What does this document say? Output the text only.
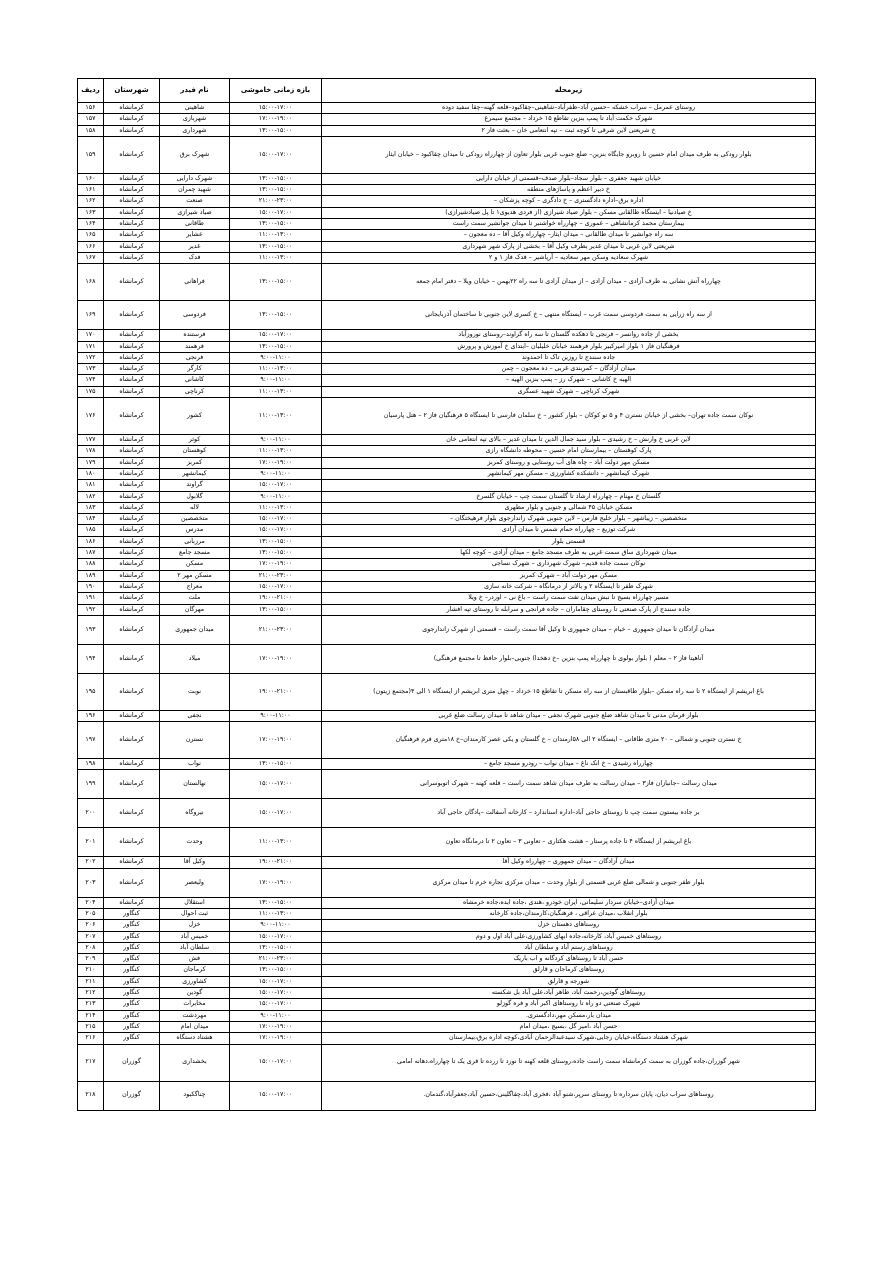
زیرمحله	بازه زمانی خاموشی	نام فیدر	شهرستان	ردیف
روستای عمرمل – سراب خشکه –حسین آباد–ظفرآباد–شاهینی–چقاکبود–قلعه گهنه–چقا سفید دوده	۱۵:۰۰-۱۷:۰۰	شاهینی	کرمانشاه	۱۵۶
شهرک حکمت آباد تا پمپ بنزین تقاطع ۱۵ خرداد – مجتمع سیمرغ	۱۷:۰۰-۱۹:۰۰	شهربازی	کرمانشاه	۱۵۷
خ شریعتی لاین شرقی تا کوچه ثبت – تپه انتعامی خان – بعثت فاز ۲	۱۳:۰۰-۱۵:۰۰	شهرداری	کرمانشاه	۱۵۸
بلوار رودکی به طرف میدان امام حسین تا روبرو جایگاه بنزین– ضلع جنوب غربی بلوار تعاون از چهارراه رودکی تا میدان چقاکبود – خیابان ایثار	۱۵:۰۰-۱۷:۰۰	شهرک برق	کرمانشاه	۱۵۹
خیابان شهید جعفری – بلوار سجاد–بلوار صدف–قسمتی از خیابان دارایی	۱۳:۰۰-۱۵:۰۰	شهرک دارایی	کرمانشاه	۱۶۰
خ دبیر اعظم و پاساژهای منطقه	۱۳:۰۰-۱۵:۰۰	شهید چمران	کرمانشاه	۱۶۱
اداره برق–اداره دادگستری – خ دادگری – کوچه پزشکان –	۲۱:۰۰-۲۳:۰۰	صنعت	کرمانشاه	۱۶۲
خ صیادنیا – ایستگاه طالقانی مسکن – بلوار صیاد شیرازی (از فردی هدیوی۱ تا پل صیادشیرازی)	۱۵:۰۰-۱۷:۰۰	صیاد شیرازی	کرمانشاه	۱۶۳
بیمارستان محمد کرمانشاهی – عموری – چهارراه خواشنبر تا میدان جوانشیر سمت راست	۱۳:۰۰-۱۵:۰۰	طاقانی	کرمانشاه	۱۶۴
سه راه جوانشیر تا میدان طالقانی – میدان ایثار– چهارراه وکیل آقا – ده معجون –	۱۱:۰۰-۱۳:۰۰	عشایر	کرمانشاه	۱۶۵
شریعتی لاین غربی تا میدان غدیر بطرف وکیل آقا – بخشی از پارک شهر شهرداری	۱۳:۰۰-۱۵:۰۰	غدیر	کرمانشاه	۱۶۶
شهرک سعادیه وسکن مهر سعادیه – آرپاشیر – فدک فاز ۱ و ۲	۱۱:۰۰-۱۳:۰۰	فدک	کرمانشاه	۱۶۷
چهارراه آتش نشانی به طرف آزادی – میدان آزادی – از میدان آزادی تا سه راه ۲۲بهمن – خیابان ویلا – دفتر امام جمعه	۱۳:۰۰-۱۵:۰۰	فراهانی	کرمانشاه	۱۶۸
از سه راه زرایی به سمت فردوسی سمت غرب – ایستگاه منتهی – خ کسری لاین جنوبی تا ساختمان آذربایجانی	۱۳:۰۰-۱۵:۰۰	فردوسی	کرمانشاه	۱۶۹
بخشی از جاده روانسر – فرنجی تا دهکده گلستان تا سه راه گراوند–روستای نوروزآباد	۱۵:۰۰-۱۷:۰۰	فرستنده	کرمانشاه	۱۷۰
فرهنگیان فاز ۱ بلوار امیرکبیر بلوار فرهمند خیابان خلیلیان –ابتدای خ آموزش و پرورش	۱۳:۰۰-۱۵:۰۰	فرهمند	کرمانشاه	۱۷۱
جاده سنندج تا روزین تاک تا احمدوند	۹:۰۰-۱۱:۰۰	فرنجی	کرمانشاه	۱۷۲
میدان آزادگان – کمربندی غربی – ده معجون – چمن	۱۱:۰۰-۱۳:۰۰	کارگر	کرمانشاه	۱۷۳
الهیه خ کاشانی – شهرک رز – پمپ بنزین الهیه –	۹:۰۰-۱۱:۰۰	کاشانی	کرمانشاه	۱۷۴
شهرک کرناچی – شهرک شهید عسگری	۱۱:۰۰-۱۳:۰۰	کرناچی	کرمانشاه	۱۷۵
نوکان سمت جاده تهران– بخشی از خیابان نسترن ۴ و ۵ تو کوکان – بلوار کشور – خ سلمان فارسی تا ایستگاه ۵ فرهنگیان فاز ۲ – هتل پارسیان	۱۱:۰۰-۱۳:۰۰	کشور	کرمانشاه	۱۷۶
لاین غربی خ وارنش – خ رشیدی – بلوار سید جمال الدین تا میدان غدیر – بالای تپه انتعامی خان	۹:۰۰-۱۱:۰۰	کوثر	کرمانشاه	۱۷۷
پارک کوهستان – بیمارستان امام حسین – محوطه دانشگاه رازی	۱۱:۰۰-۱۳:۰۰	کوهستان	کرمانشاه	۱۷۸
مسکن مهر دولت آباد – چاه های آب روستایی و روستای کمربز	۱۷:۰۰-۱۹:۰۰	کمربز	کرمانشاه	۱۷۹
شهرک کیمانشهر – دانشکده کشاورزی – مسکن مهر کیمانشهر	۹:۰۰-۱۱:۰۰	کیمانشهر	کرمانشاه	۱۸۰
	۱۵:۰۰-۱۷:۰۰	گراوند	کرمانشاه	۱۸۱
گلستان خ مهنام – چهارراه ارشاد تا گلستان سمت چپ – خیابان گلسرخ	۹:۰۰-۱۱:۰۰	گلابول	کرمانشاه	۱۸۲
مسکن خیابان ۴۵ شمالی و جنوبی و بلوار مطهری	۱۱:۰۰-۱۳:۰۰	لاله	کرمانشاه	۱۸۳
متخصصین – زیباشهر – بلوار خلیج فارس – لاین جنوبی شهرک زاندارجوی بلوار فرهیختگان –	۱۵:۰۰-۱۷:۰۰	متخصصین	کرمانشاه	۱۸۴
شرکت توزیع – چهارراه حمام شمس تا میدان آزادی	۱۵:۰۰-۱۷:۰۰	مدرس	کرمانشاه	۱۸۵
قسمتی بلوار	۱۳:۰۰-۱۵:۰۰	مرزبانی	کرمانشاه	۱۸۶
میدان شهرداری ساق سمت غربی به طرف مسجد جامع – میدان آزادی – کوچه لکها	۱۳:۰۰-۱۵:۰۰	مسجد جامع	کرمانشاه	۱۸۷
نوکان سمت جاده قدیم– شهرک شهرداری – شهرک نساجی	۱۷:۰۰-۱۹:۰۰	مسکن	کرمانشاه	۱۸۸
مسکن مهر دولت آباد – شهرک کمربز	۲۱:۰۰-۲۳:۰۰	مسکن مهر ۲	کرمانشاه	۱۸۹
شهرک ظفر تا ایستگاه ۲ و بالاتر از درمانگاه – شرکت خانه سازی	۱۵:۰۰-۱۷:۰۰	معراج	کرمانشاه	۱۹۰
مسیر چهارراه بسیج تا نبش میدان نفت سمت راست – باغ نی – اوردر– خ ویلا	۱۹:۰۰-۲۱:۰۰	ملت	کرمانشاه	۱۹۱
جاده سنندج از پارک صنعتی تا روستای چقاماران – جاده فرانجی و سرابله تا روستای تپه افشار	۱۳:۰۰-۱۵:۰۰	مهرگان	کرمانشاه	۱۹۲
میدان آزادگان تا میدان جمهوری – خیام – میدان جمهوری تا وکیل آقا سمت راست – قسمتی از شهرک زاندارجوی	۲۱:۰۰-۲۳:۰۰	میدان جمهوری	کرمانشاه	۱۹۳
آتاهیتا فاز ۲ – معلم ( بلوار بولوی تا چهارراه پمپ بنزین –خ دهخدا) جنوبی–بلوار حافظ تا مجتمع فرهنگی)	۱۷:۰۰-۱۹:۰۰	میلاد	کرمانشاه	۱۹۴
باغ ابریشم از ایستگاه ۲ تا سه راه مسکن –بلوار طاقبستان از سه راه مسکن تا تقاطع ۱۵ خرداد – چهل متری ابریشم از ایستگاه ۱ الی ۴(مجتمع زیتون)	۱۹:۰۰-۲۱:۰۰	نوبت	کرمانشاه	۱۹۵
بلوار فرمان مدنی تا میدان شاهد ضلع جنوبی شهرک نجفی – میدان شاهد تا میدان رسالت ضلع غربی	۹:۰۰-۱۱:۰۰	نجفی	کرمانشاه	۱۹۶
خ نسترن جنوبی و شمالی – ۲۰ متری طاقانی – ایستگاه ۲ الی ۵۸ارمندان – خ گلستان و یکی عصر کارمندان–خ ۱۸متری فرم فرهنگیان	۱۷:۰۰-۱۹:۰۰	نسترن	کرمانشاه	۱۹۷
چهارراه رشیدی – خ انک ناغ – میدان نواب – رودرو مسجد جامع –	۱۳:۰۰-۱۵:۰۰	نواب	کرمانشاه	۱۹۸
میدان رسالت –جانبازان فاز۳ – میدان رسالت به طرف میدان شاهد سمت راست – قلعه کهنه – شهرک اتوبوسرانی	۱۵:۰۰-۱۷:۰۰	نهالستان	کرمانشاه	۱۹۹
بر جاده بیستون سمت چپ تا روستای حاجی آباد–اداره استاندارد – کارخانه آسفالت –پادگان حاجی آباد	۱۵:۰۰-۱۷:۰۰	نیروگاه	کرمانشاه	۲۰۰
باغ ابریشم از ایستگاه ۴ تا جاده پرستار – هشت هکتاری – تعاونی ۳ – تعاون ۲ تا درمانگاه تعاون	۱۱:۰۰-۱۳:۰۰	وحدت	کرمانشاه	۲۰۱
میدان آزادگان – میدان جمهوری – چهارراه وکیل آقا	۱۹:۰۰-۲۱:۰۰	وکیل آقا	کرمانشاه	۲۰۲
بلوار ظفر جنوبی و شمالی ضلع غربی قسمتی از بلوار وحدت – میدان مرکزی تجاره خرم تا میدان مرکزی	۱۷:۰۰-۱۹:۰۰	ولیعصر	کرمانشاه	۲۰۳
میدان آزادی–خیابان سردار سلیمانی، ایران خودرو ،هندی ،جاده ابده،جاده خرمشاه	۱۳:۰۰-۱۵:۰۰	استقلال	کرمانشاه	۲۰۴
بلوار انقلاب ،میدان عراقی ، فرهنگیان،کارمندان،جاده کارخانه	۱۱:۰۰-۱۳:۰۰	ثبت احوال	کنگاور	۲۰۵
روستاهای دهستان خزل	۹:۰۰-۱۱:۰۰	خزل	کنگاور	۲۰۶
روستاهای خمیس آباد، کارخانه،جاده ابهای کشاورزی،علی آباد اول و دوم	۱۵:۰۰-۱۷:۰۰	خمیس آباد	کنگاور	۲۰۷
روستاهای رستم آباد و سلطان آباد	۱۳:۰۰-۱۵:۰۰	سلطان آباد	کنگاور	۲۰۸
حسن آباد تا روستاهای کردگانه و اب باریک	۲۱:۰۰-۲۳:۰۰	فش	کنگاور	۲۰۹
روستاهای کرماجان و قارلق	۱۳:۰۰-۱۵:۰۰	کرماجان	کنگاور	۲۱۰
شورجه و قارلق	۱۵:۰۰-۱۷:۰۰	کشاورزی	کنگاور	۲۱۱
روستاهای گودین،رحمت آباد، طاهر آباد،علی آباد بل شکسته	۱۵:۰۰-۱۷:۰۰	گودین	کنگاور	۲۱۲
شهرک صنعتی دو راه تا روستاهای اکبر آباد و فره گوزلو	۱۵:۰۰-۱۷:۰۰	مخابرات	کنگاور	۲۱۳
میدان بار،مسکن مهر،دادگستری.	۹:۰۰-۱۱:۰۰	مهردشت	کنگاور	۲۱۴
حسن آباد ،امیر گل ،بسیج ،میدان امام	۱۷:۰۰-۱۹:۰۰	میدان امام	کنگاور	۲۱۵
شهرک هشتاد دستگاه،خیابان رجایی،شهرک سیدعبدالرحمان آبادی،کوچه اداره برق،بیمارستان	۱۷:۰۰-۱۹:۰۰	هشتاد دستگاه	کنگاور	۲۱۶
شهر گوزران،جاده گوزران به سمت کرمانشاه سمت راست جاده،روستای قلعه کهنه تا نورد تا زرده تا قری یک تا چهارراه،دهانه امامی	۱۵:۰۰-۱۷:۰۰	بخشداری	گوزران	۲۱۷
روستاهای سراب دیان، پایان سرداره تا روستای سرپر،شنو آباد ،فخری آباد،چقاگلینی،حسین آباد،جعفرآباد،گندمان.	۱۵:۰۰-۱۷:۰۰	چناگکبود	گوزران	۲۱۸
